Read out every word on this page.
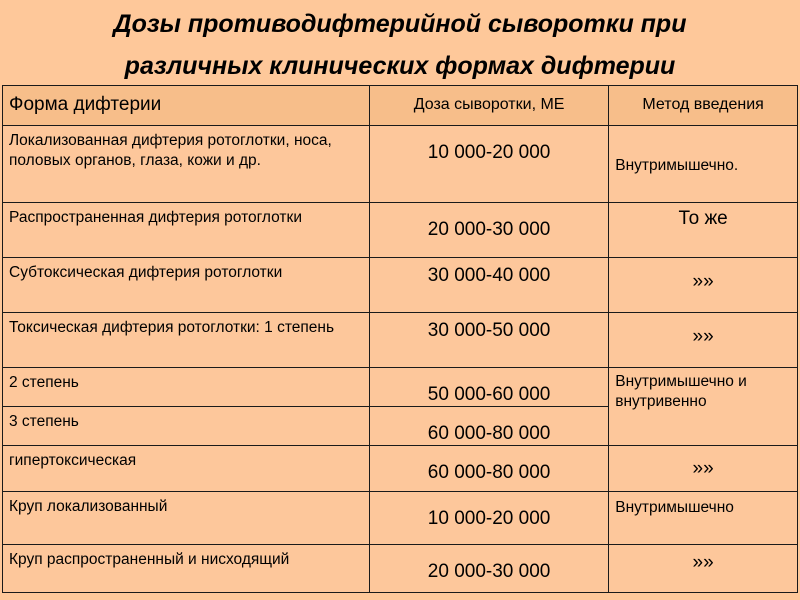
Дозы противодифтерийной сыворотки при
различных клинических формах дифтерии
Форма дифтерии	Доза сыворотки, МЕ	Метод введения
Локализованная дифтерия ротоглотки, носа, половых органов, глаза, кожи и др.	10 000-20 000	Внутримышечно.
Распространенная дифтерия ротоглотки	20 000-30 000	То же
Субтоксическая дифтерия ротоглотки	30 000-40 000	»»
Токсическая дифтерия ротоглотки: 1 степень	30 000-50 000	»»
2 степень	50 000-60 000	Внутримышечно и внутривенно
3 степень	60 000-80 000	
гипертоксическая	60 000-80 000	»»
Круп локализованный	10 000-20 000	Внутримышечно
Круп распространенный и нисходящий	20 000-30 000	»»
